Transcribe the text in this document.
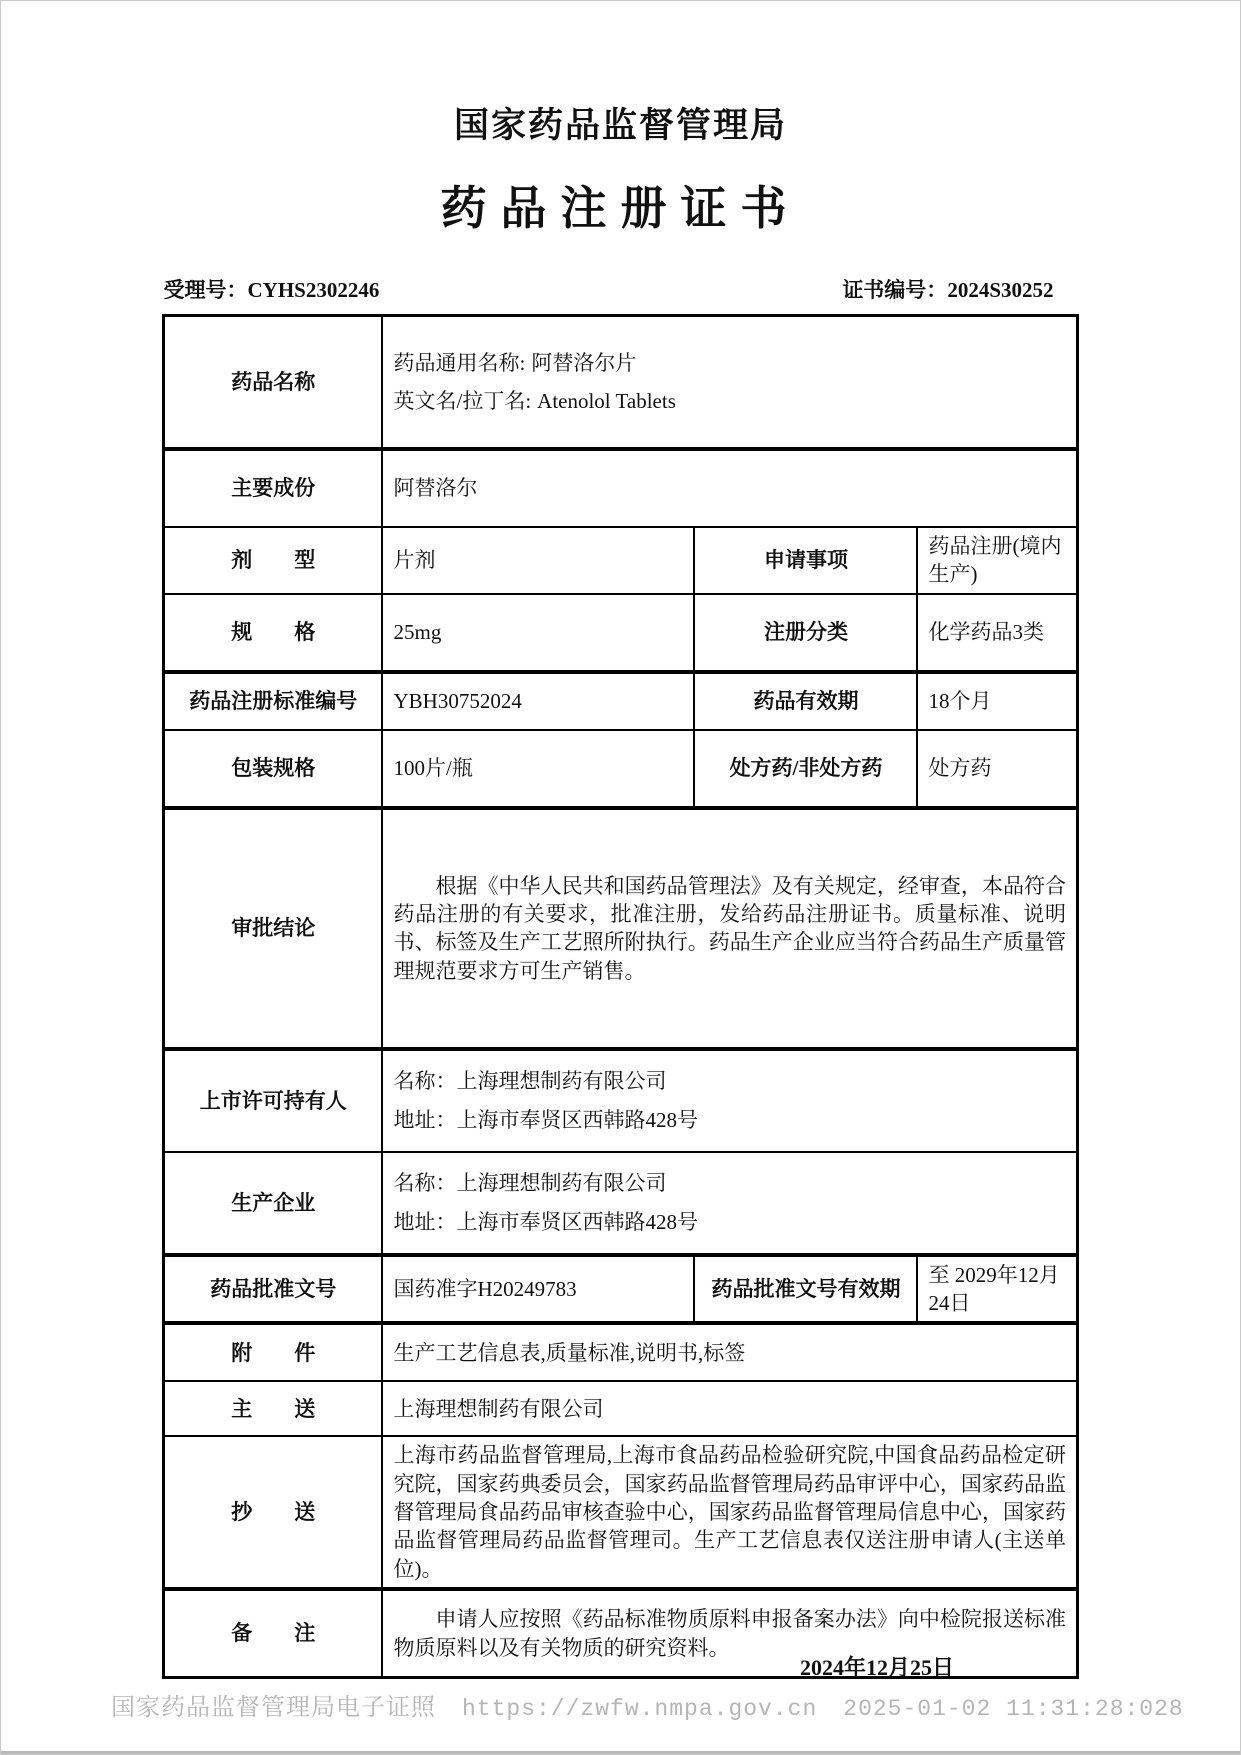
国家药品监督管理局
药品注册证书
受理号：CYHS2302246	证书编号：2024S30252
药品名称	药品通用名称: 阿替洛尔片
英文名/拉丁名: Atenolol Tablets		

主要成份	阿替洛尔		
剂　　型	片剂	申请事项	药品注册(境内生产)
规　　格	25mg	注册分类	化学药品3类
药品注册标准编号	YBH30752024	药品有效期	18个月
包装规格	100片/瓶	处方药/非处方药	处方药
审批结论	根据《中华人民共和国药品管理法》及有关规定，经审查，本品符合药品注册的有关要求，批准注册，发给药品注册证书。质量标准、说明书、标签及生产工艺照所附执行。药品生产企业应当符合药品生产质量管理规范要求方可生产销售。		

上市许可持有人	名称：上海理想制药有限公司
地址：上海市奉贤区西韩路428号		

生产企业	名称：上海理想制药有限公司
地址：上海市奉贤区西韩路428号		

药品批准文号	国药准字H20249783	药品批准文号有效期	至 2029年12月24日
附　　件	生产工艺信息表,质量标准,说明书,标签		
主　　送	上海理想制药有限公司		
抄　　送	上海市药品监督管理局,上海市食品药品检验研究院,中国食品药品检定研究院，国家药典委员会，国家药品监督管理局药品审评中心，国家药品监督管理局食品药品审核查验中心，国家药品监督管理局信息中心，国家药品监督管理局药品监督管理司。生产工艺信息表仅送注册申请人(主送单位)。		

备　　注	申请人应按照《药品标准物质原料申报备案办法》向中检院报送标准物质原料以及有关物质的研究资料。		

2024年12月25日
国家药品监督管理局电子证照 https://zwfw.nmpa.gov.cn 2025-01-02 11:31:28:028
